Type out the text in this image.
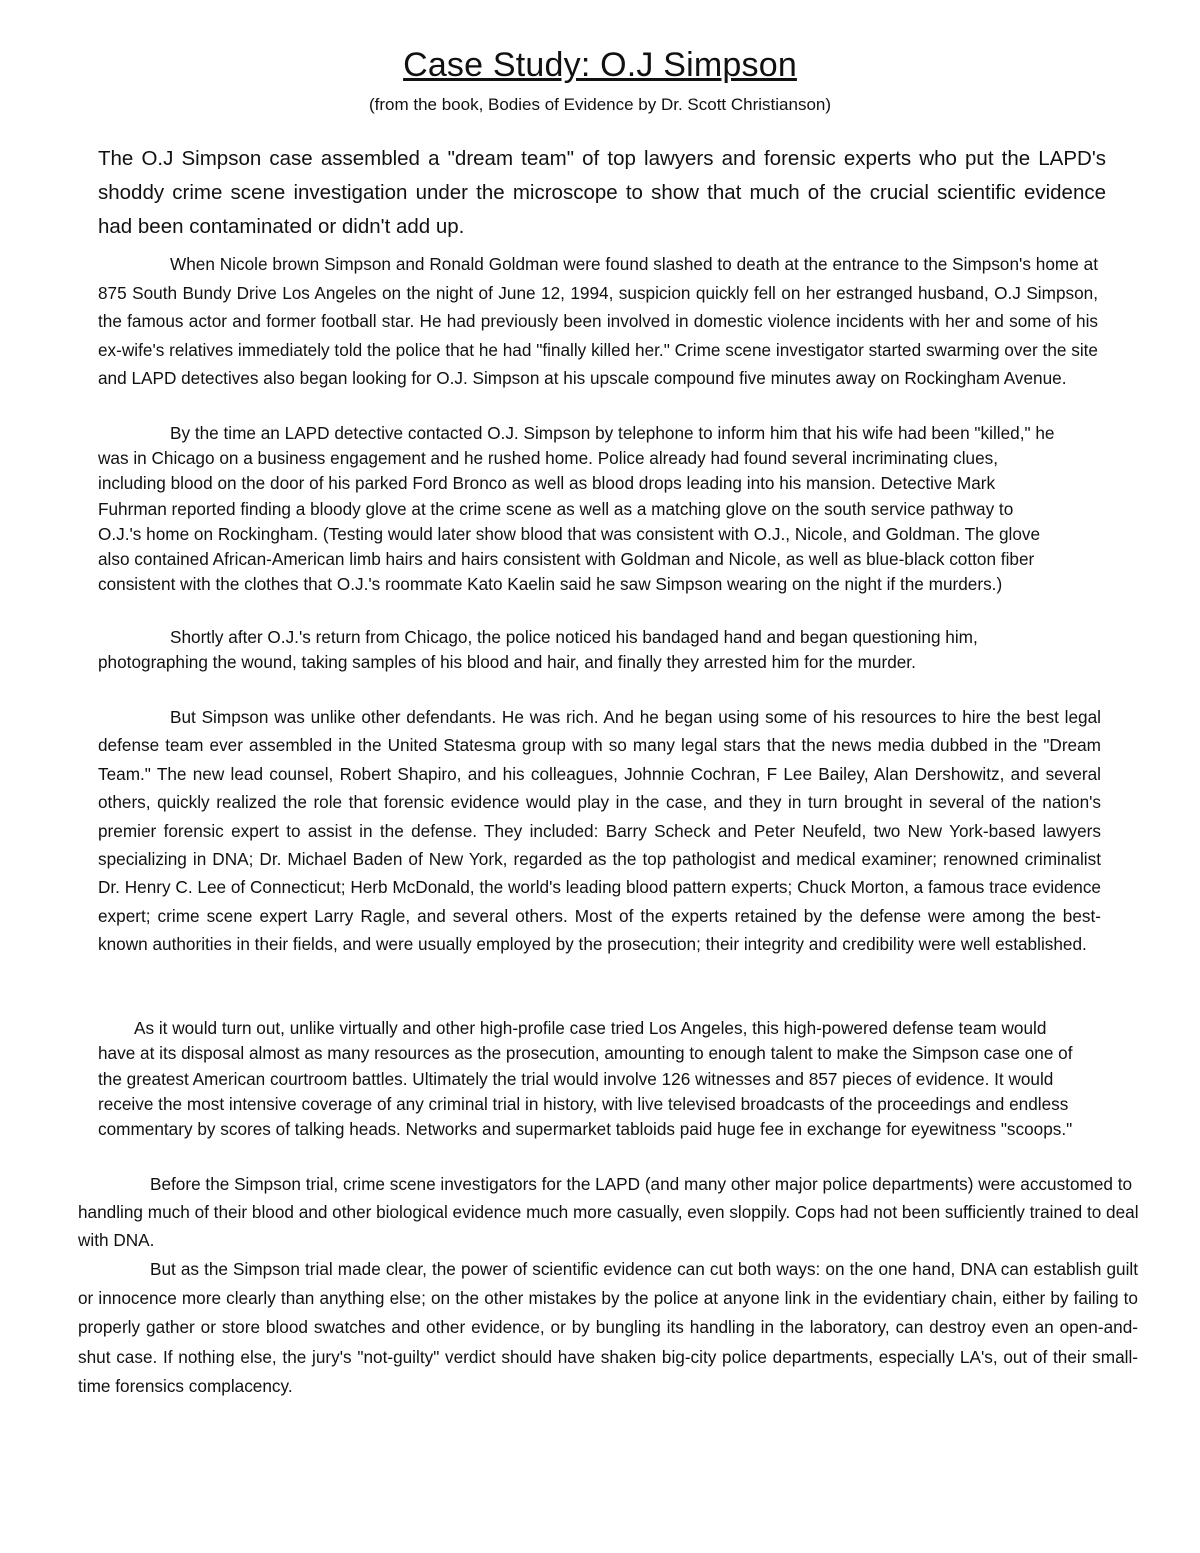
Case Study: O.J Simpson
(from the book, Bodies of Evidence by Dr. Scott Christianson)
The O.J Simpson case assembled a "dream team" of top lawyers and forensic experts who put the LAPD's shoddy crime scene investigation under the microscope to show that much of the crucial scientific evidence had been contaminated or didn't add up.
When Nicole brown Simpson and Ronald Goldman were found slashed to death at the entrance to the Simpson's home at 875 South Bundy Drive Los Angeles on the night of June 12, 1994, suspicion quickly fell on her estranged husband, O.J Simpson, the famous actor and former football star. He had previously been involved in domestic violence incidents with her and some of his ex-wife's relatives immediately told the police that he had "finally killed her." Crime scene investigator started swarming over the site and LAPD detectives also began looking for O.J. Simpson at his upscale compound five minutes away on Rockingham Avenue.
By the time an LAPD detective contacted O.J. Simpson by telephone to inform him that his wife had been "killed," he was in Chicago on a business engagement and he rushed home. Police already had found several incriminating clues, including blood on the door of his parked Ford Bronco as well as blood drops leading into his mansion. Detective Mark Fuhrman reported finding a bloody glove at the crime scene as well as a matching glove on the south service pathway to O.J.'s home on Rockingham. (Testing would later show blood that was consistent with O.J., Nicole, and Goldman. The glove also contained African-American limb hairs and hairs consistent with Goldman and Nicole, as well as blue-black cotton fiber consistent with the clothes that O.J.'s roommate Kato Kaelin said he saw Simpson wearing on the night if the murders.)
Shortly after O.J.'s return from Chicago, the police noticed his bandaged hand and began questioning him, photographing the wound, taking samples of his blood and hair, and finally they arrested him for the murder.
But Simpson was unlike other defendants. He was rich. And he began using some of his resources to hire the best legal defense team ever assembled in the United Statesma group with so many legal stars that the news media dubbed in the "Dream Team." The new lead counsel, Robert Shapiro, and his colleagues, Johnnie Cochran, F Lee Bailey, Alan Dershowitz, and several others, quickly realized the role that forensic evidence would play in the case, and they in turn brought in several of the nation's premier forensic expert to assist in the defense. They included: Barry Scheck and Peter Neufeld, two New York-based lawyers specializing in DNA; Dr. Michael Baden of New York, regarded as the top pathologist and medical examiner; renowned criminalist Dr. Henry C. Lee of Connecticut; Herb McDonald, the world's leading blood pattern experts; Chuck Morton, a famous trace evidence expert; crime scene expert Larry Ragle, and several others. Most of the experts retained by the defense were among the best-known authorities in their fields, and were usually employed by the prosecution; their integrity and credibility were well established.
As it would turn out, unlike virtually and other high-profile case tried Los Angeles, this high-powered defense team would have at its disposal almost as many resources as the prosecution, amounting to enough talent to make the Simpson case one of the greatest American courtroom battles. Ultimately the trial would involve 126 witnesses and 857 pieces of evidence. It would receive the most intensive coverage of any criminal trial in history, with live televised broadcasts of the proceedings and endless commentary by scores of talking heads. Networks and supermarket tabloids paid huge fee in exchange for eyewitness "scoops."
Before the Simpson trial, crime scene investigators for the LAPD (and many other major police departments) were accustomed to handling much of their blood and other biological evidence much more casually, even sloppily. Cops had not been sufficiently trained to deal with DNA.
But as the Simpson trial made clear, the power of scientific evidence can cut both ways: on the one hand, DNA can establish guilt or innocence more clearly than anything else; on the other mistakes by the police at anyone link in the evidentiary chain, either by failing to properly gather or store blood swatches and other evidence, or by bungling its handling in the laboratory, can destroy even an open-and-shut case. If nothing else, the jury's "not-guilty" verdict should have shaken big-city police departments, especially LA's, out of their small-time forensics complacency.
